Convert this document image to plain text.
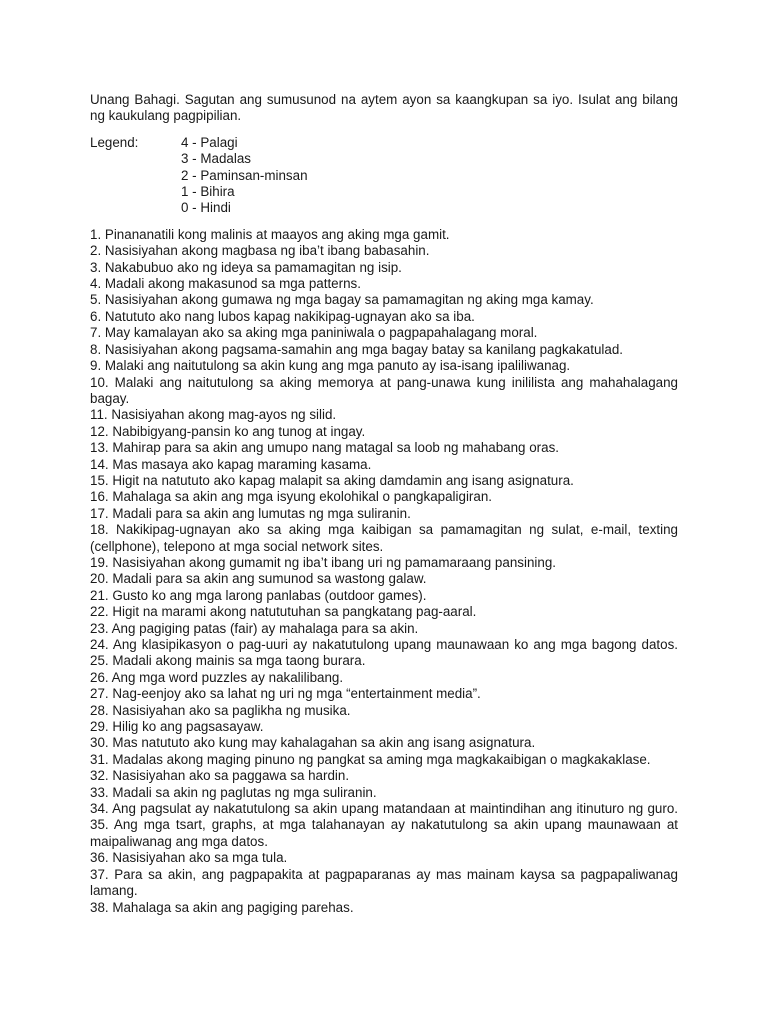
Unang Bahagi. Sagutan ang sumusunod na aytem ayon sa kaangkupan sa iyo. Isulat ang bilang ng kaukulang pagpipilian.

Legend:	4 - Palagi
3 - Madalas
2 - Paminsan-minsan
1 - Bihira
0 - Hindi
1. Pinananatili kong malinis at maayos ang aking mga gamit.
2. Nasisiyahan akong magbasa ng iba’t ibang babasahin.
3. Nakabubuo ako ng ideya sa pamamagitan ng isip.
4. Madali akong makasunod sa mga patterns.
5. Nasisiyahan akong gumawa ng mga bagay sa pamamagitan ng aking mga kamay.
6. Natututo ako nang lubos kapag nakikipag-ugnayan ako sa iba.
7. May kamalayan ako sa aking mga paniniwala o pagpapahalagang moral.
8. Nasisiyahan akong pagsama-samahin ang mga bagay batay sa kanilang pagkakatulad.
9. Malaki ang naitutulong sa akin kung ang mga panuto ay isa-isang ipaliliwanag.
10. Malaki ang naitutulong sa aking memorya at pang-unawa kung inililista ang mahahalagang bagay.
11. Nasisiyahan akong mag-ayos ng silid.
12. Nabibigyang-pansin ko ang tunog at ingay.
13. Mahirap para sa akin ang umupo nang matagal sa loob ng mahabang oras.
14. Mas masaya ako kapag maraming kasama.
15. Higit na natututo ako kapag malapit sa aking damdamin ang isang asignatura.
16. Mahalaga sa akin ang mga isyung ekolohikal o pangkapaligiran.
17. Madali para sa akin ang lumutas ng mga suliranin.
18. Nakikipag-ugnayan ako sa aking mga kaibigan sa pamamagitan ng sulat, e-mail, texting (cellphone), telepono at mga social network sites.
19. Nasisiyahan akong gumamit ng iba’t ibang uri ng pamamaraang pansining.
20. Madali para sa akin ang sumunod sa wastong galaw.
21. Gusto ko ang mga larong panlabas (outdoor games).
22. Higit na marami akong natututuhan sa pangkatang pag-aaral.
23. Ang pagiging patas (fair) ay mahalaga para sa akin.
24. Ang klasipikasyon o pag-uuri ay nakatutulong upang maunawaan ko ang mga bagong datos. 25. Madali akong mainis sa mga taong burara.
26. Ang mga word puzzles ay nakalilibang.
27. Nag-eenjoy ako sa lahat ng uri ng mga “entertainment media”.
28. Nasisiyahan ako sa paglikha ng musika.
29. Hilig ko ang pagsasayaw.
30. Mas natututo ako kung may kahalagahan sa akin ang isang asignatura.
31. Madalas akong maging pinuno ng pangkat sa aming mga magkakaibigan o magkakaklase.
32. Nasisiyahan ako sa paggawa sa hardin.
33. Madali sa akin ng paglutas ng mga suliranin.
34. Ang pagsulat ay nakatutulong sa akin upang matandaan at maintindihan ang itinuturo ng guro. 35. Ang mga tsart, graphs, at mga talahanayan ay nakatutulong sa akin upang maunawaan at maipaliwanag ang mga datos.
36. Nasisiyahan ako sa mga tula.
37. Para sa akin, ang pagpapakita at pagpaparanas ay mas mainam kaysa sa pagpapaliwanag lamang.
38. Mahalaga sa akin ang pagiging parehas.
